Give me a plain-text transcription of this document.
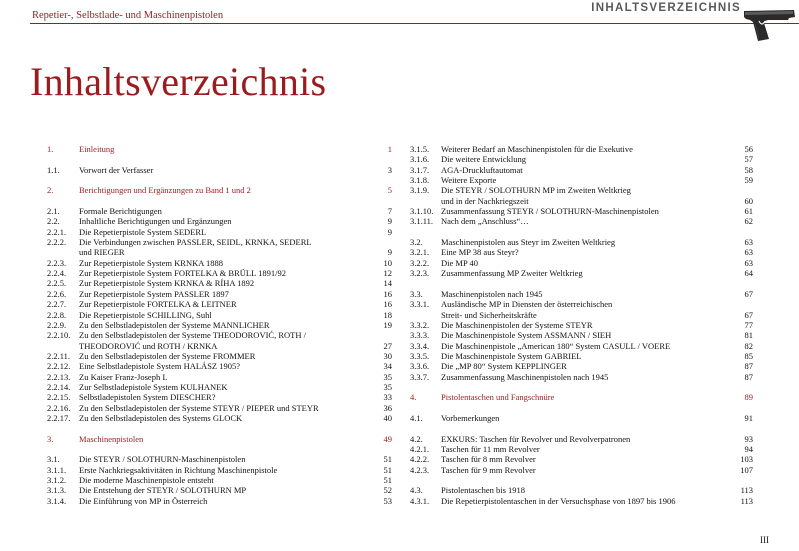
Repetier-, Selbstlade- und Maschinenpistolen
INHALTSVERZEICHNIS
Inhaltsverzeichnis
1.	Einleitung	1
1.1.	Vorwort der Verfasser	3
2.	Berichtigungen und Ergänzungen zu Band 1 und 2	5
2.1.	Formale Berichtigungen	7
2.2.	Inhaltliche Berichtigungen und Ergänzungen	9
2.2.1.	Die Repetierpistole System SEDERL	9
2.2.2.	Die Verbindungen zwischen PASSLER, SEIDL, KRNKA, SEDERL
und RIEGER	9
2.2.3.	Zur Repetierpistole System KRNKA 1888	10
2.2.4.	Zur Repetierpistole System FORTELKA & BRÜLL 1891/92	12
2.2.5.	Zur Repetierpistole System KRNKA & RÍHA 1892	14
2.2.6.	Zur Repetierpistole System PASSLER 1897	16
2.2.7.	Zur Repetierpistole FORTELKA & LEITNER	16
2.2.8.	Die Repetierpistole SCHILLING, Suhl	18
2.2.9.	Zu den Selbstladepistolen der Systeme MANNLICHER	19
2.2.10.	Zu den Selbstladepistolen der Systeme THEODOROVIĆ, ROTH /
THEODOROVIĆ und ROTH / KRNKA	27
2.2.11.	Zu den Selbstladepistolen der Systeme FROMMER	30
2.2.12.	Eine Selbstladepistole System HALÁSZ 1905?	34
2.2.13.	Zu Kaiser Franz-Joseph I.	35
2.2.14.	Zur Selbstladepistole System KULHANEK	35
2.2.15.	Selbstladepistolen System DIESCHER?	33
2.2.16.	Zu den Selbstladepistolen der Systeme STEYR / PIEPER und STEYR	36
2.2.17.	Zu den Selbstladepistolen des Systems GLOCK	40
3.	Maschinenpistolen	49
3.1.	Die STEYR / SOLOTHURN-Maschinenpistolen	51
3.1.1.	Erste Nachkriegsaktivitäten in Richtung Maschinenpistole	51
3.1.2.	Die moderne Maschinenpistole entsteht	51
3.1.3.	Die Entstehung der STEYR / SOLOTHURN MP	52
3.1.4.	Die Einführung von MP in Österreich	53
3.1.5.	Weiterer Bedarf an Maschinenpistolen für die Exekutive	56
3.1.6.	Die weitere Entwicklung	57
3.1.7.	AGA-Druckluftautomat	58
3.1.8.	Weitere Exporte	59
3.1.9.	Die STEYR / SOLOTHURN MP im Zweiten Weltkrieg
und in der Nachkriegszeit	60
3.1.10. Zusammenfassung STEYR / SOLOTHURN-Maschinenpistolen	61
3.1.11. Nach dem „Anschluss“…	62
3.2.	Maschinenpistolen aus Steyr im Zweiten Weltkrieg	63
3.2.1.	Eine MP 38 aus Steyr?	63
3.2.2.	Die MP 40	63
3.2.3.	Zusammenfassung MP Zweiter Weltkrieg	64
3.3.	Maschinenpistolen nach 1945	67
3.3.1.	Ausländische MP in Diensten der österreichischen
Streit- und Sicherheitskräfte	67
3.3.2.	Die Maschinenpistolen der Systeme STEYR	77
3.3.3.	Die Maschinenpistole System ASSMANN / SIEH	81
3.3.4.	Die Maschinenpistole „American 180“ System CASULL / VOERE	82
3.3.5.	Die Maschinenpistole System GABRIEL	85
3.3.6.	Die „MP 80“ System KEPPLINGER	87
3.3.7.	Zusammenfassung Maschinenpistolen nach 1945	87
4.	Pistolentaschen und Fangschnüre	89
4.1.	Vorbemerkungen	91
4.2.	EXKURS: Taschen für Revolver und Revolverpatronen	93
4.2.1.	Taschen für 11 mm Revolver	94
4.2.2.	Taschen für 8 mm Revolver	103
4.2.3.	Taschen für 9 mm Revolver	107
4.3.	Pistolentaschen bis 1918	113
4.3.1.	Die Repetierpistolentaschen in der Versuchsphase von 1897 bis 1906	113
III
